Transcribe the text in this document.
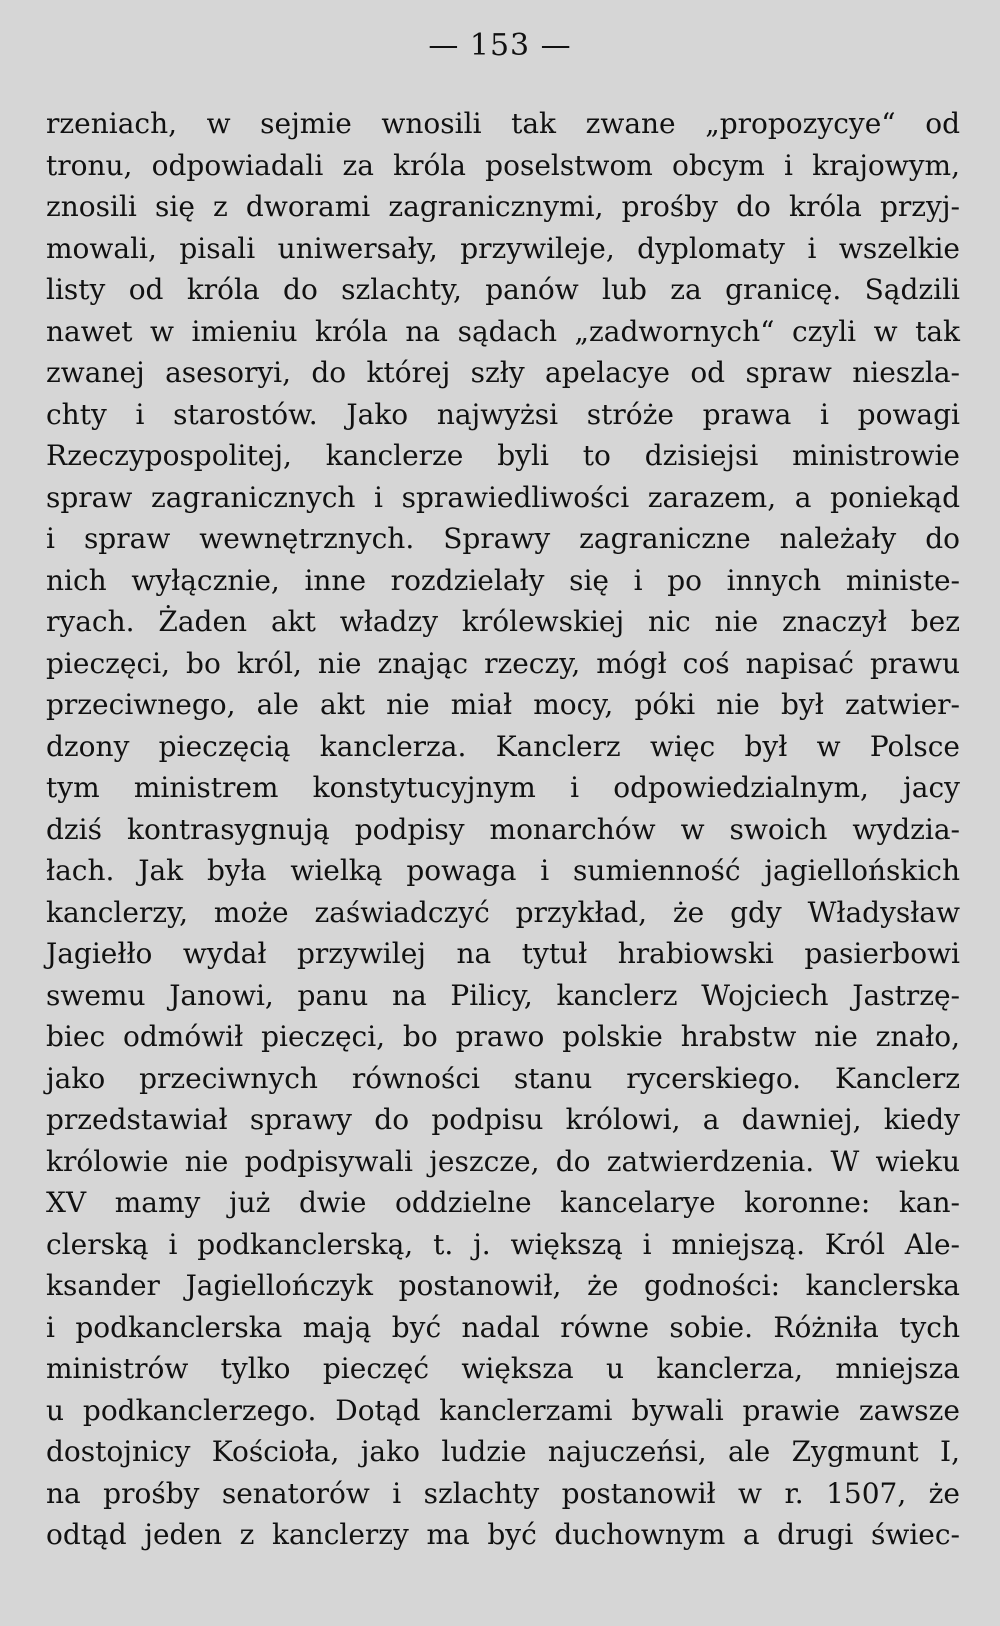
— 153 —
rzeniach, w sejmie wnosili tak zwane „propozycye“ od
tronu, odpowiadali za króla poselstwom obcym i krajowym,
znosili się z dworami zagranicznymi, prośby do króla przyj-
mowali, pisali uniwersały, przywileje, dyplomaty i wszelkie
listy od króla do szlachty, panów lub za granicę. Sądzili
nawet w imieniu króla na sądach „zadwornych“ czyli w tak
zwanej asesoryi, do której szły apelacye od spraw nieszla-
chty i starostów. Jako najwyżsi stróże prawa i powagi
Rzeczypospolitej, kanclerze byli to dzisiejsi ministrowie
spraw zagranicznych i sprawiedliwości zarazem, a poniekąd
i spraw wewnętrznych. Sprawy zagraniczne należały do
nich wyłącznie, inne rozdzielały się i po innych ministe-
ryach. Żaden akt władzy królewskiej nic nie znaczył bez
pieczęci, bo król, nie znając rzeczy, mógł coś napisać prawu
przeciwnego, ale akt nie miał mocy, póki nie był zatwier-
dzony pieczęcią kanclerza. Kanclerz więc był w Polsce
tym ministrem konstytucyjnym i odpowiedzialnym, jacy
dziś kontrasygnują podpisy monarchów w swoich wydzia-
łach. Jak była wielką powaga i sumienność jagiellońskich
kanclerzy, może zaświadczyć przykład, że gdy Władysław
Jagiełło wydał przywilej na tytuł hrabiowski pasierbowi
swemu Janowi, panu na Pilicy, kanclerz Wojciech Jastrzę-
biec odmówił pieczęci, bo prawo polskie hrabstw nie znało,
jako przeciwnych równości stanu rycerskiego. Kanclerz
przedstawiał sprawy do podpisu królowi, a dawniej, kiedy
królowie nie podpisywali jeszcze, do zatwierdzenia. W wieku
XV mamy już dwie oddzielne kancelarye koronne: kan-
clerską i podkanclerską, t. j. większą i mniejszą. Król Ale-
ksander Jagiellończyk postanowił, że godności: kanclerska
i podkanclerska mają być nadal równe sobie. Różniła tych
ministrów tylko pieczęć większa u kanclerza, mniejsza
u podkanclerzego. Dotąd kanclerzami bywali prawie zawsze
dostojnicy Kościoła, jako ludzie najuczeńsi, ale Zygmunt I,
na prośby senatorów i szlachty postanowił w r. 1507, że
odtąd jeden z kanclerzy ma być duchownym a drugi świec-
